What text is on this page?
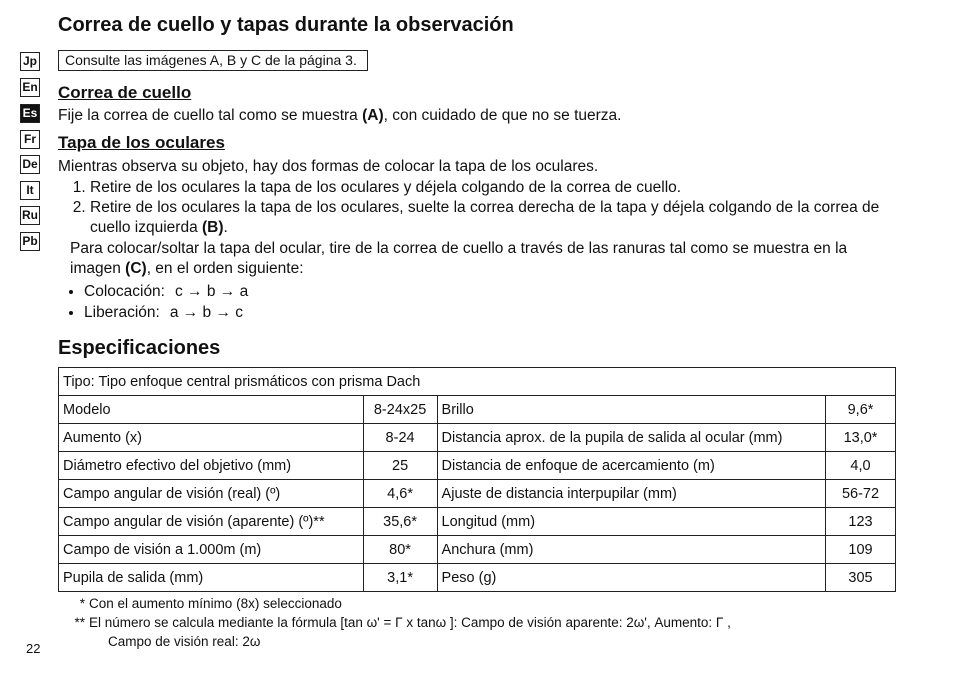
Correa de cuello y tapas durante la observación
Consulte las imágenes A, B y C de la página 3.
Jp
En
Es
Fr
De
It
Ru
Pb
Correa de cuello

Fije la correa de cuello tal como se muestra (A), con cuidado de que no se tuerza.

Tapa de los oculares

Mientras observa su objeto, hay dos formas de colocar la tapa de los oculares.

1. Retire de los oculares la tapa de los oculares y déjela colgando de la correa de cuello.
2. Retire de los oculares la tapa de los oculares, suelte la correa derecha de la tapa y déjela colgando de la correa de cuello izquierda (B).

Para colocar/soltar la tapa del ocular, tire de la correa de cuello a través de las ranuras tal como se muestra en la imagen (C), en el orden siguiente:

• Colocación: c → b → a
• Liberación: a → b → c
Especificaciones
Tipo: Tipo enfoque central prismáticos con prisma Dach			
Modelo	8-24x25	Brillo	9,6*
Aumento (x)	8-24	Distancia aprox. de la pupila de salida al ocular (mm)	13,0*
Diámetro efectivo del objetivo (mm)	25	Distancia de enfoque de acercamiento (m)	4,0
Campo angular de visión (real) (º)	4,6*	Ajuste de distancia interpupilar (mm)	56-72
Campo angular de visión (aparente) (º)**	35,6*	Longitud (mm)	123
Campo de visión a 1.000m (m)	80*	Anchura (mm)	109
Pupila de salida (mm)	3,1*	Peso (g)	305
* Con el aumento mínimo (8x) seleccionado
** El número se calcula mediante la fórmula [tan ω' = Γ x tanω ]: Campo de visión aparente: 2ω', Aumento: Γ ,
Campo de visión real: 2ω
22
